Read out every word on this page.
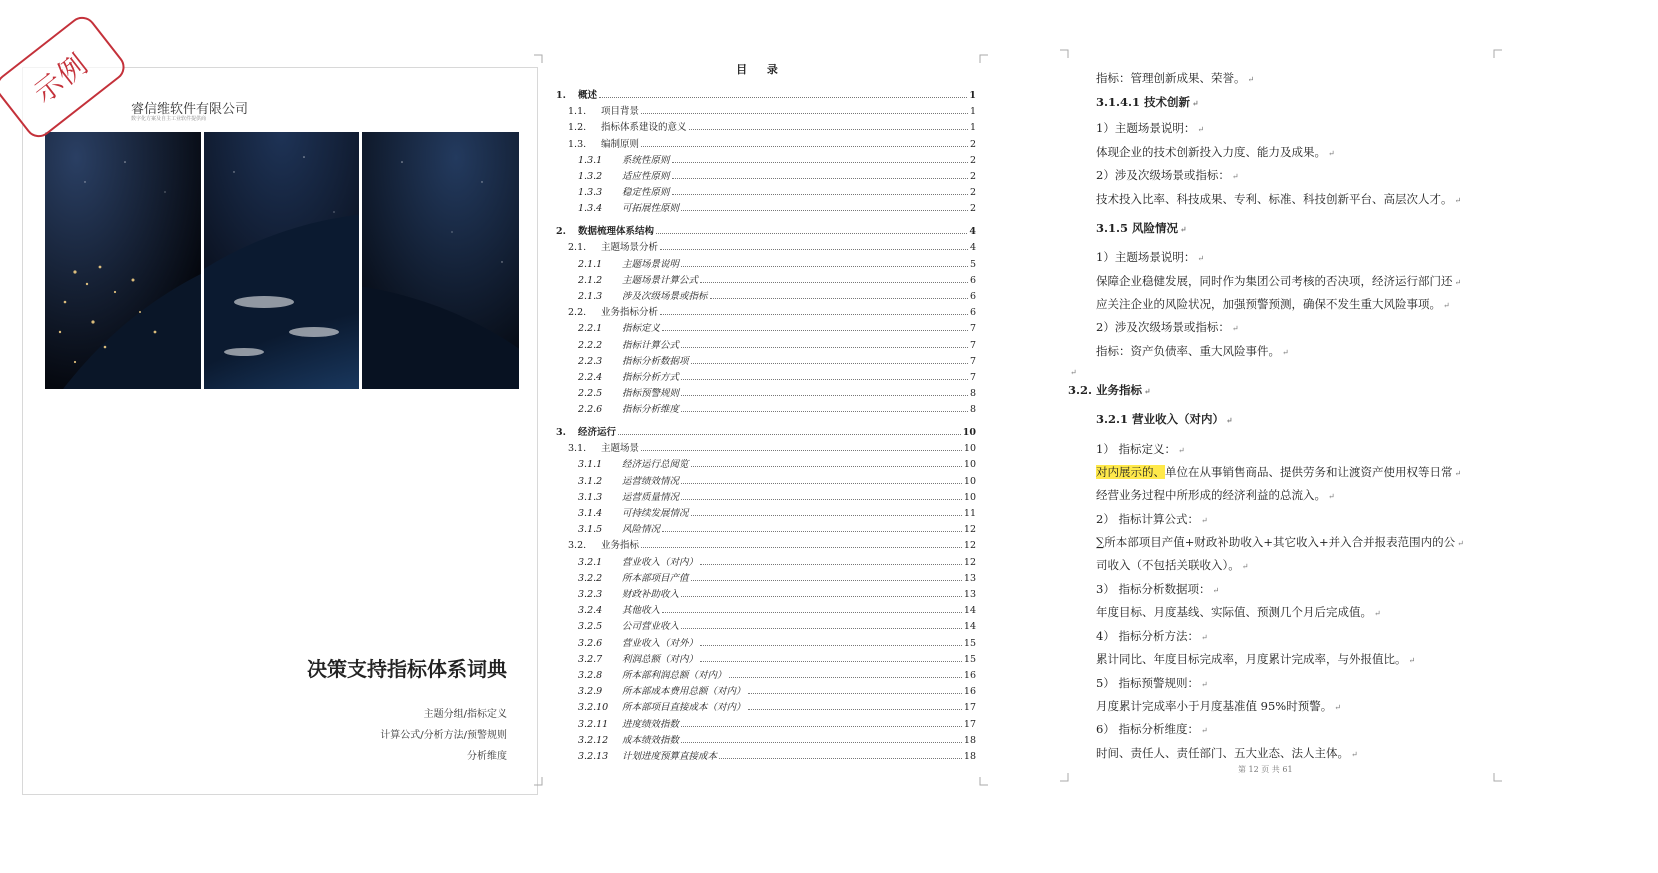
睿信维软件有限公司
数字化方案及自主工业软件提供商
示例
决策支持指标体系词典
主题分组/指标定义
计算公式/分析方法/预警规则
分析维度
目 录
1.	概述	1
1.1.	项目背景	1
1.2.	指标体系建设的意义	1
1.3.	编制原则	2
1.3.1	系统性原则	2
1.3.2	适应性原则	2
1.3.3	稳定性原则	2
1.3.4	可拓展性原则	2
2.	数据梳理体系结构	4
2.1.	主题场景分析	4
2.1.1	主题场景说明	5
2.1.2	主题场景计算公式	6
2.1.3	涉及次级场景或指标	6
2.2.	业务指标分析	6
2.2.1	指标定义	7
2.2.2	指标计算公式	7
2.2.3	指标分析数据项	7
2.2.4	指标分析方式	7
2.2.5	指标预警规则	8
2.2.6	指标分析维度	8
3.	经济运行	10
3.1.	主题场景	10
3.1.1	经济运行总阅览	10
3.1.2	运营绩效情况	10
3.1.3	运营质量情况	10
3.1.4	可持续发展情况	11
3.1.5	风险情况	12
3.2.	业务指标	12
3.2.1	营业收入（对内）	12
3.2.2	所本部项目产值	13
3.2.3	财政补助收入	13
3.2.4	其他收入	14
3.2.5	公司营业收入	14
3.2.6	营业收入（对外）	15
3.2.7	利润总额（对内）	15
3.2.8	所本部利润总额（对内）	16
3.2.9	所本部成本费用总额（对内）	16
3.2.10	所本部项目直接成本（对内）	17
3.2.11	进度绩效指数	17
3.2.12	成本绩效指数	18
3.2.13	计划进度预算直接成本	18
指标：管理创新成果、荣誉。 ↵
3.1.4.1 技术创新 ↵
1）主题场景说明： ↵
体现企业的技术创新投入力度、能力及成果。 ↵
2）涉及次级场景或指标： ↵
技术投入比率、科技成果、专利、标准、科技创新平台、高层次人才。 ↵
3.1.5 风险情况 ↵
1）主题场景说明： ↵
保障企业稳健发展，同时作为集团公司考核的否决项，经济运行部门还 ↵
应关注企业的风险状况，加强预警预测，确保不发生重大风险事项。 ↵
2）涉及次级场景或指标： ↵
指标：资产负债率、重大风险事件。 ↵
↵
3.2. 业务指标 ↵
3.2.1 营业收入（对内） ↵
1） 指标定义： ↵
对内展示的、单位在从事销售商品、提供劳务和让渡资产使用权等日常 ↵
经营业务过程中所形成的经济利益的总流入。 ↵
2） 指标计算公式： ↵
∑所本部项目产值+财政补助收入+其它收入+并入合并报表范围内的公 ↵
司收入（不包括关联收入）。 ↵
3） 指标分析数据项： ↵
年度目标、月度基线、实际值、预测几个月后完成值。 ↵
4） 指标分析方法： ↵
累计同比、年度目标完成率，月度累计完成率，与外报值比。 ↵
5） 指标预警规则： ↵
月度累计完成率小于月度基准值 95%时预警。 ↵
6） 指标分析维度： ↵
时间、责任人、责任部门、五大业态、法人主体。 ↵
第 12 页 共 61
